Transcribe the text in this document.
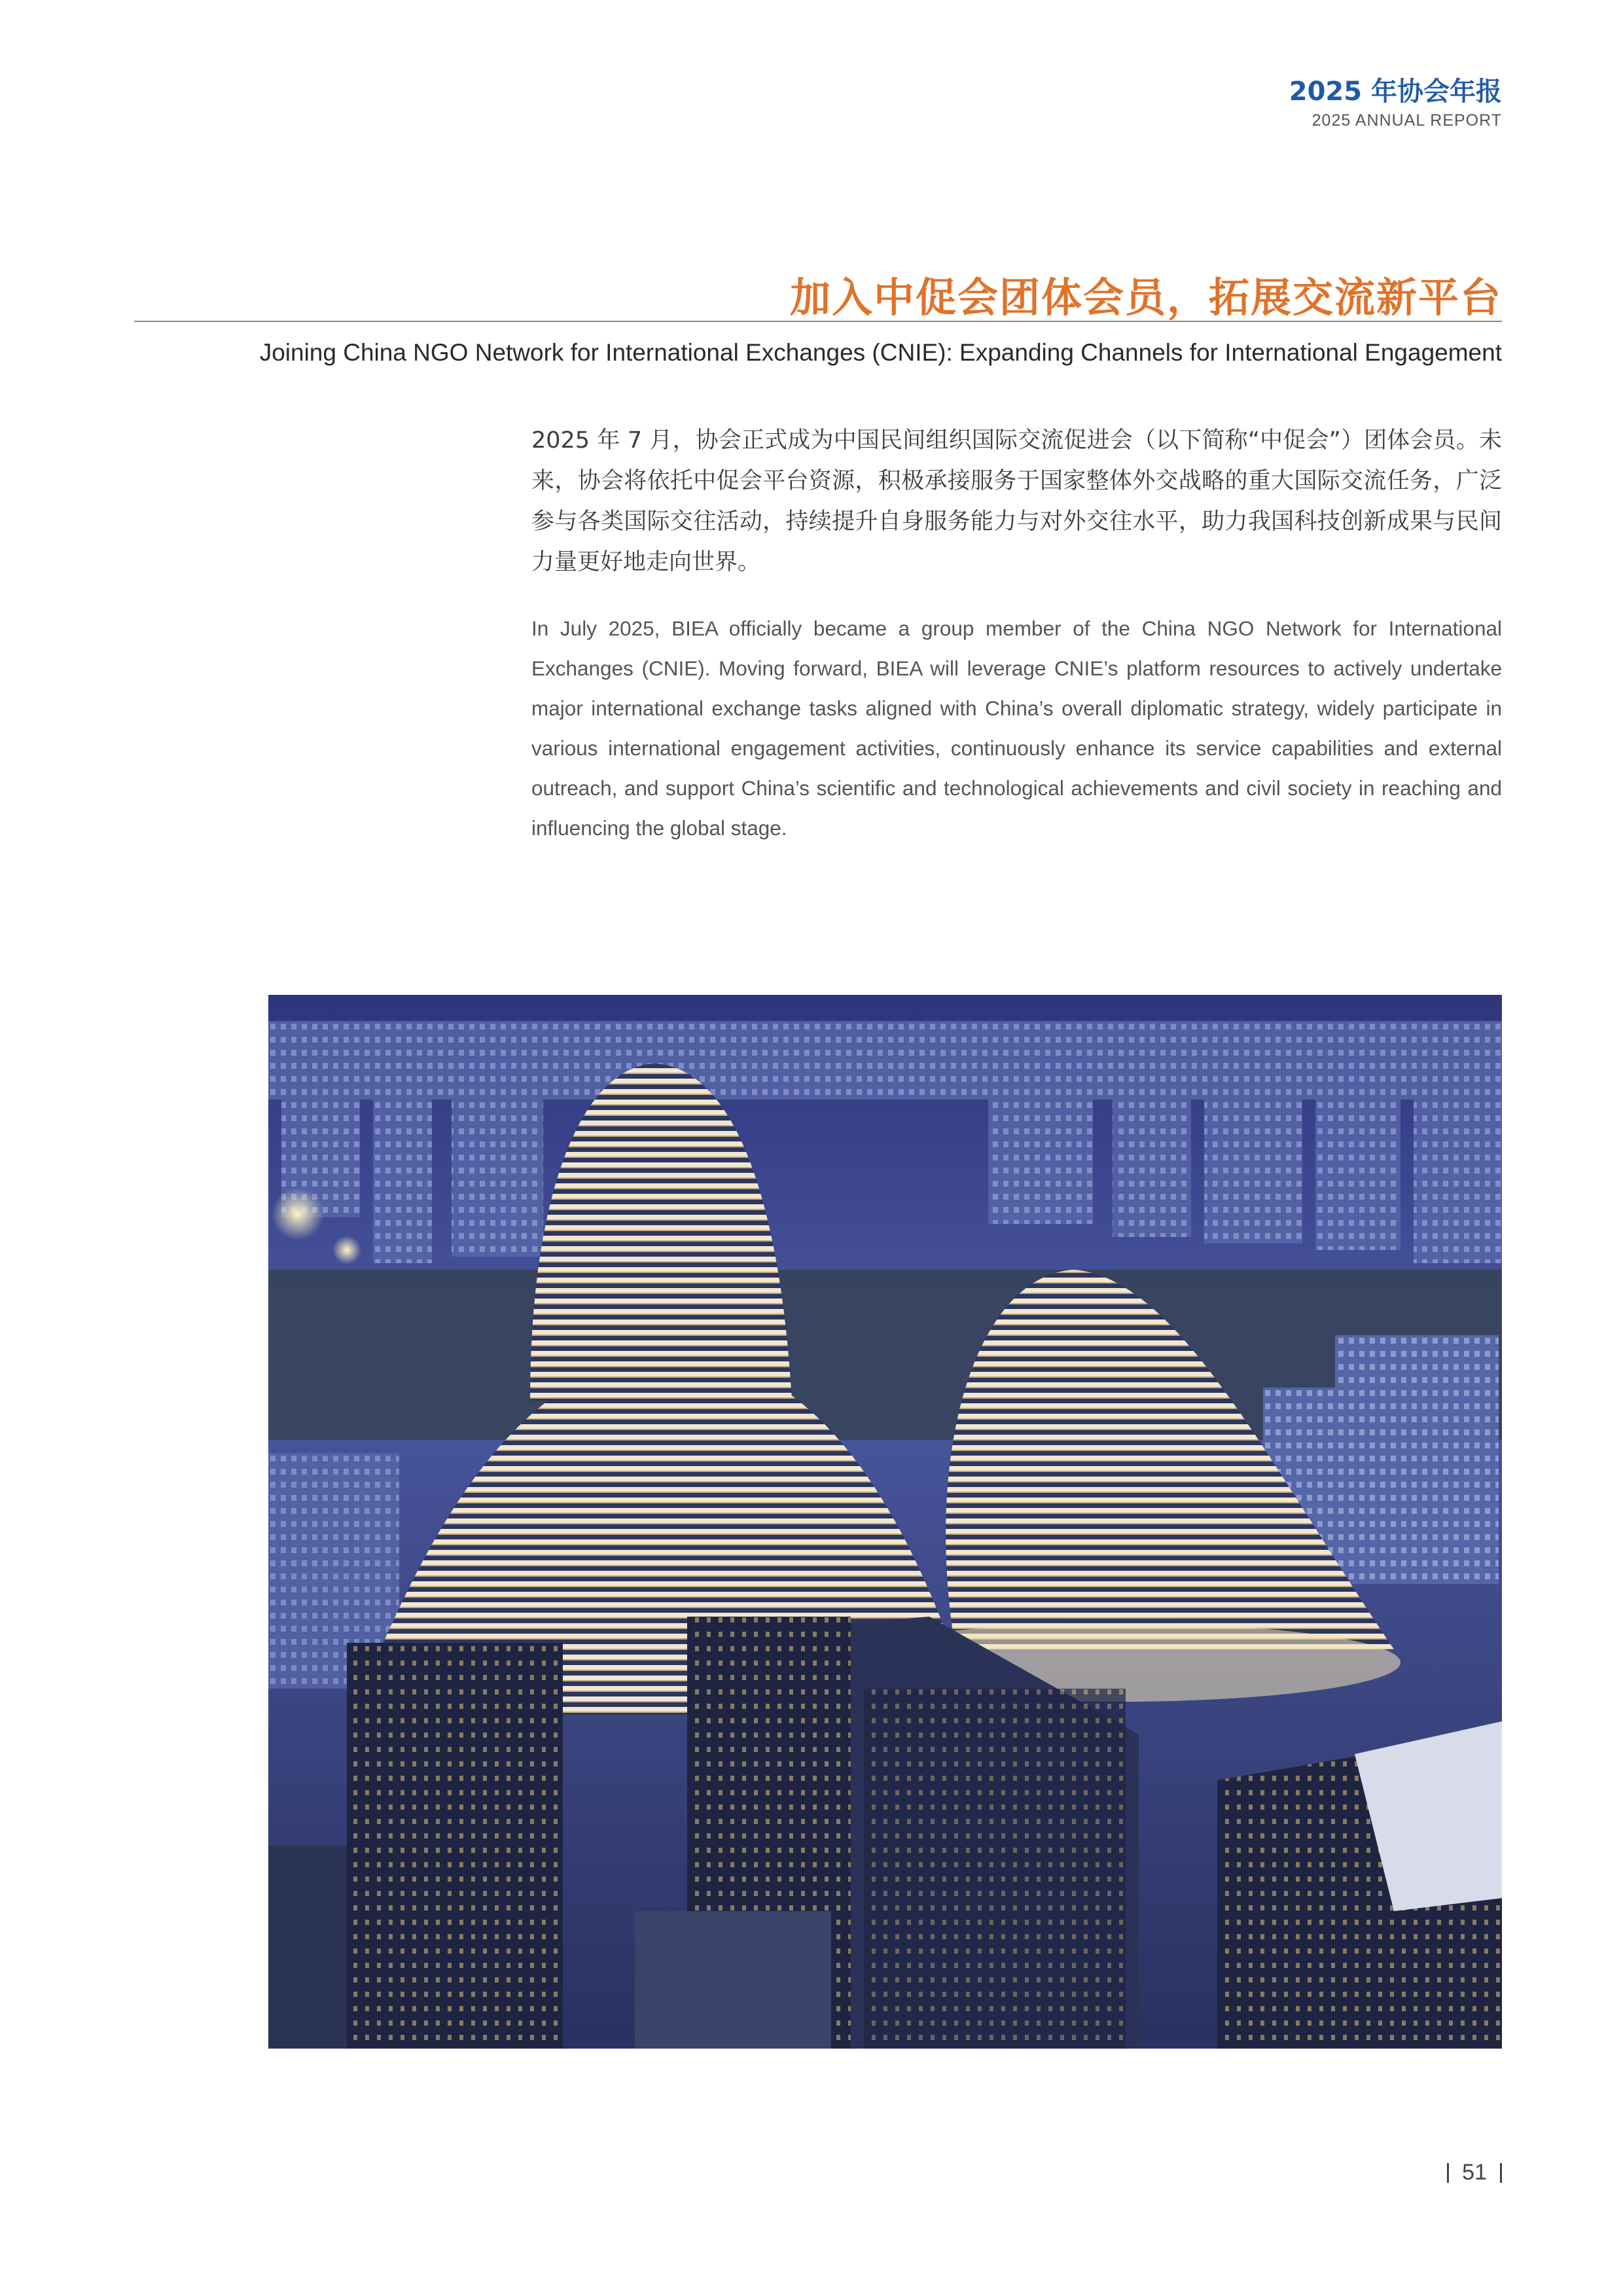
2025 年协会年报
2025 ANNUAL REPORT
加入中促会团体会员，拓展交流新平台
Joining China NGO Network for International Exchanges (CNIE): Expanding Channels for International Engagement

2025 年 7 月，协会正式成为中国民间组织国际交流促进会（以下简称“中促会”）团体会员。未来，协会将依托中促会平台资源，积极承接服务于国家整体外交战略的重大国际交流任务，广泛参与各类国际交往活动，持续提升自身服务能力与对外交往水平，助力我国科技创新成果与民间力量更好地走向世界。

In July 2025, BIEA officially became a group member of the China NGO Network for International Exchanges (CNIE). Moving forward, BIEA will leverage CNIE’s platform resources to actively undertake major international exchange tasks aligned with China’s overall diplomatic strategy, widely participate in various international engagement activities, continuously enhance its service capabilities and external outreach, and support China’s scientific and technological achievements and civil society in reaching and influencing the global stage.

51
